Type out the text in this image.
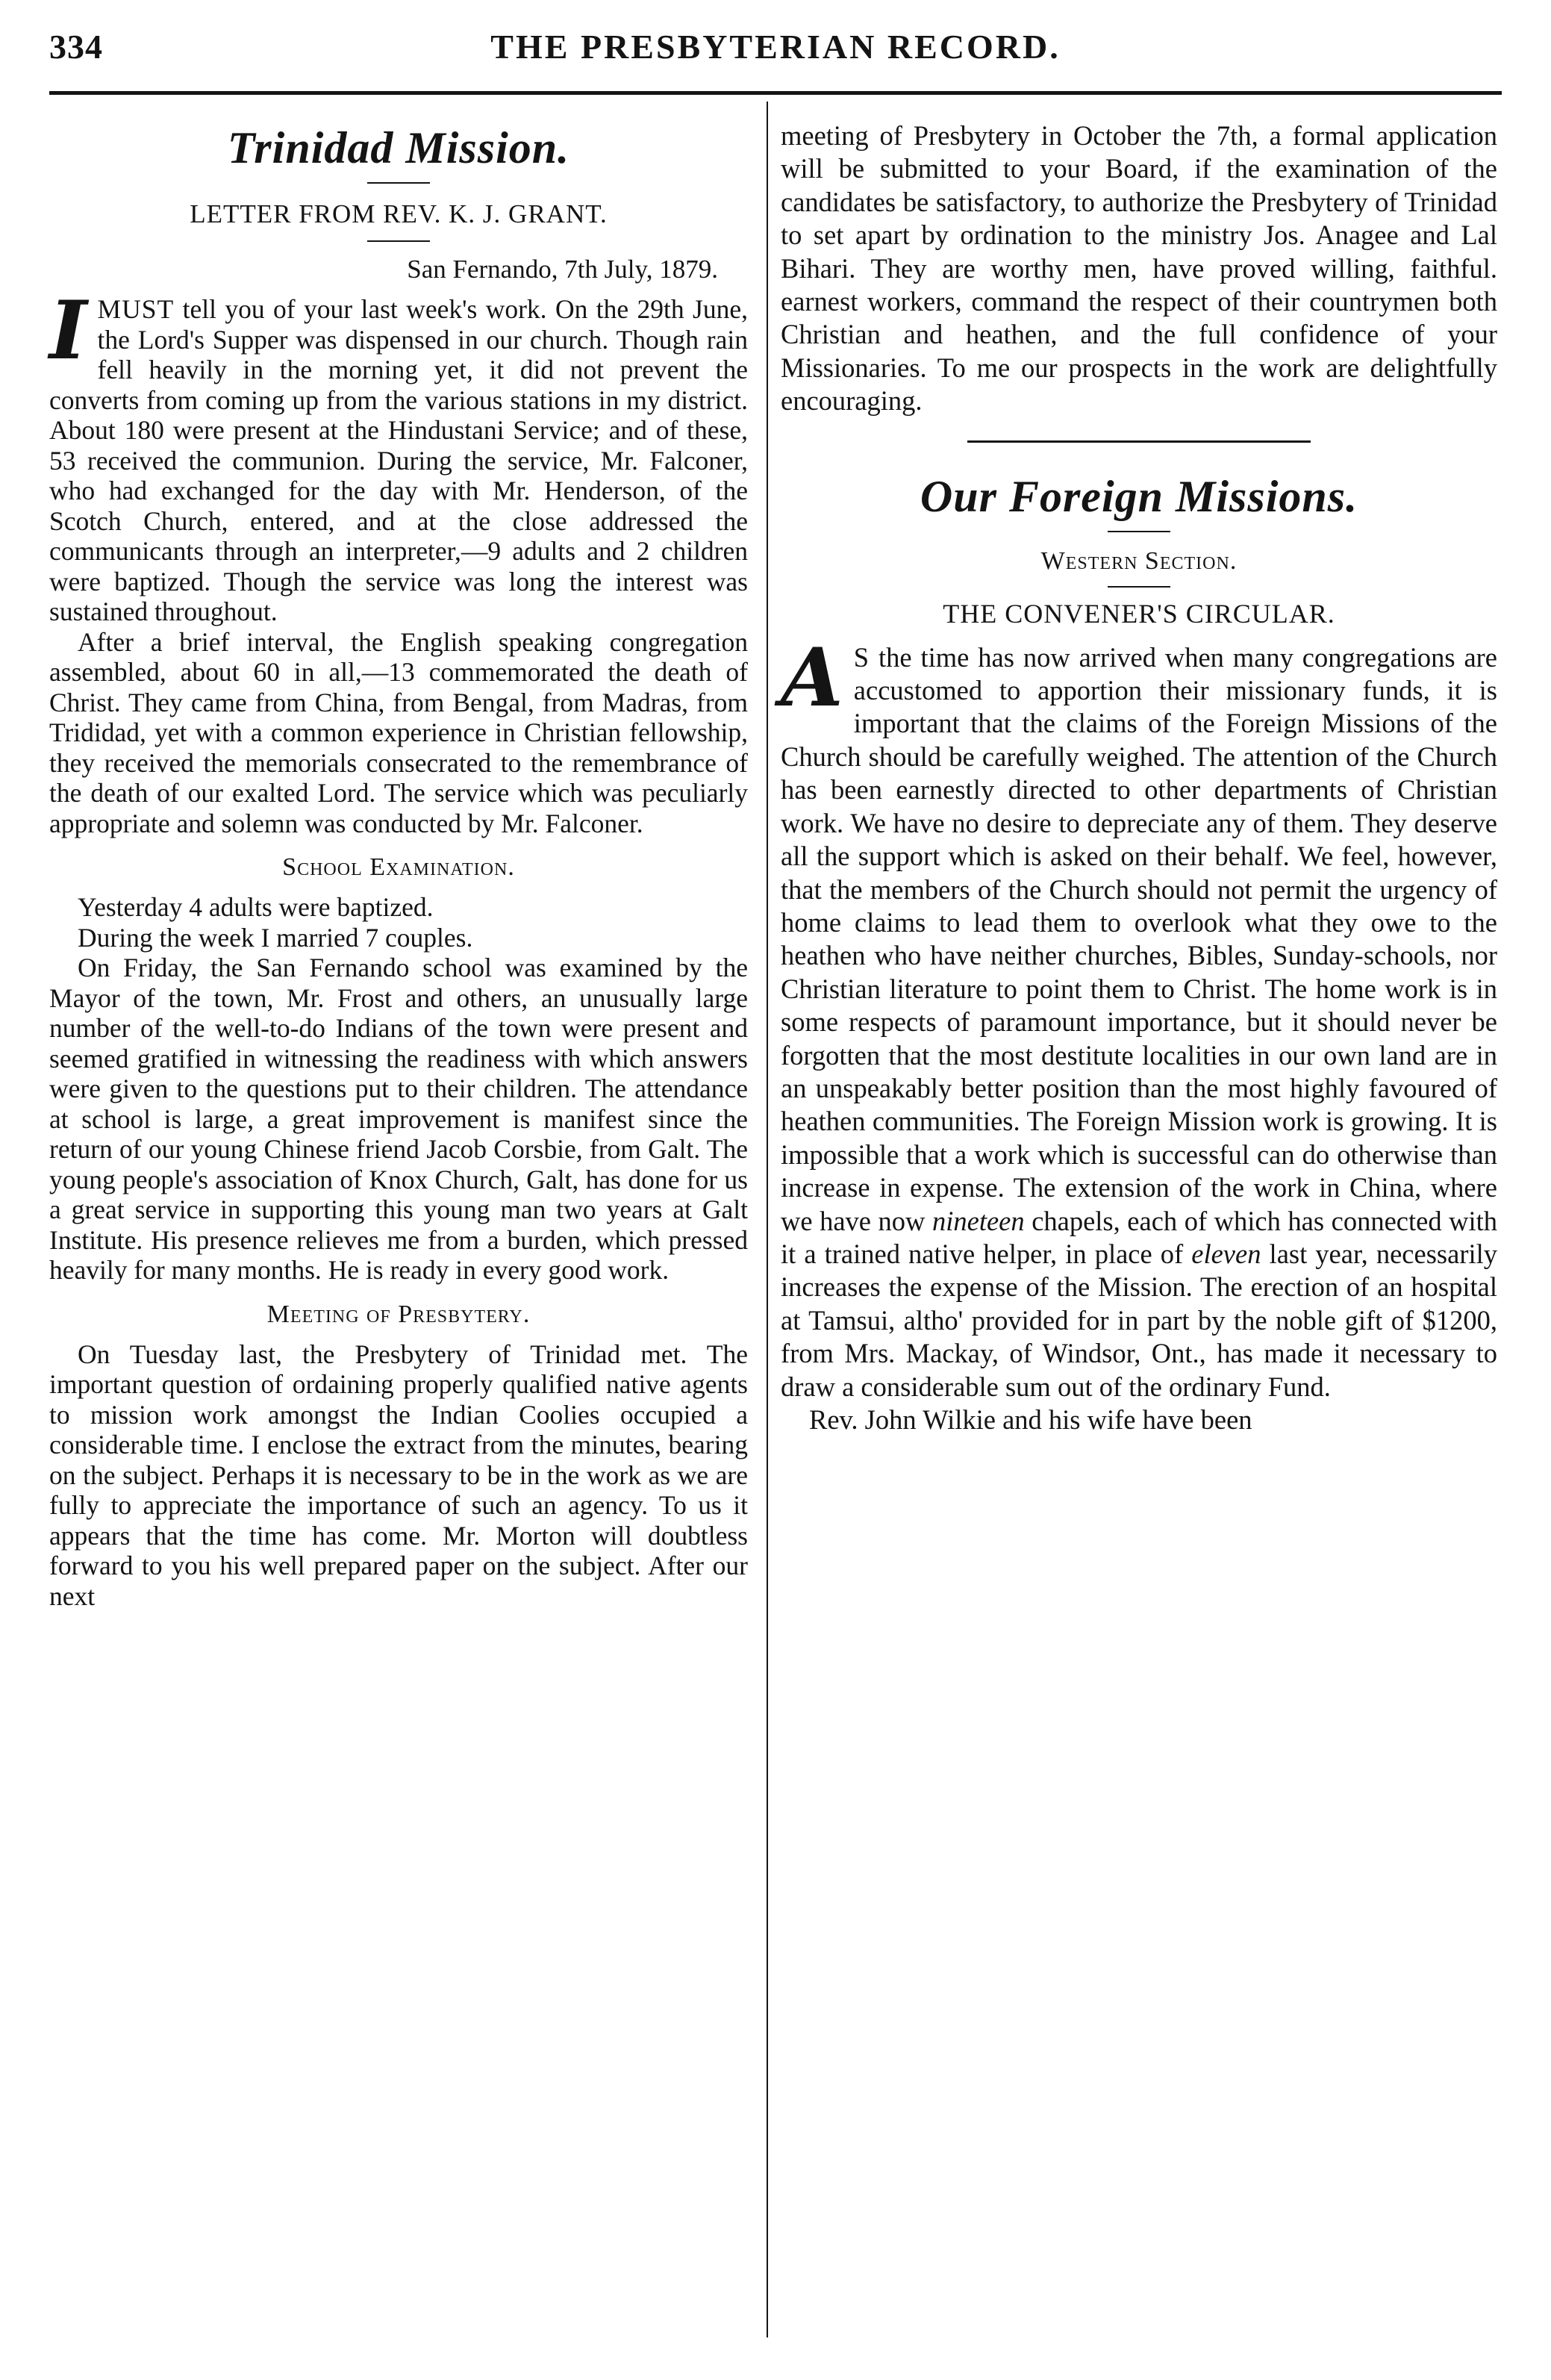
334	THE PRESBYTERIAN RECORD.
Trinidad Mission.
LETTER FROM REV. K. J. GRANT.
San Fernando, 7th July, 1879.

IMUST tell you of your last week's work. On the 29th June, the Lord's Supper was dispensed in our church. Though rain fell heavily in the morning yet, it did not prevent the converts from coming up from the various stations in my district. About 180 were present at the Hindustani Service; and of these, 53 received the communion. During the service, Mr. Falconer, who had exchanged for the day with Mr. Henderson, of the Scotch Church, entered, and at the close addressed the communicants through an interpreter,—9 adults and 2 children were baptized. Though the service was long the interest was sustained throughout.

After a brief interval, the English speaking congregation assembled, about 60 in all,—13 commemorated the death of Christ. They came from China, from Bengal, from Madras, from Trididad, yet with a common experience in Christian fellowship, they received the memorials consecrated to the remembrance of the death of our exalted Lord. The service which was peculiarly appropriate and solemn was conducted by Mr. Falconer.

School Examination.

Yesterday 4 adults were baptized.

During the week I married 7 couples.

On Friday, the San Fernando school was examined by the Mayor of the town, Mr. Frost and others, an unusually large number of the well-to-do Indians of the town were present and seemed gratified in witnessing the readiness with which answers were given to the questions put to their children. The attendance at school is large, a great improvement is manifest since the return of our young Chinese friend Jacob Corsbie, from Galt. The young people's association of Knox Church, Galt, has done for us a great service in supporting this young man two years at Galt Institute. His presence relieves me from a burden, which pressed heavily for many months. He is ready in every good work.

Meeting of Presbytery.

On Tuesday last, the Presbytery of Trinidad met. The important question of ordaining properly qualified native agents to mission work amongst the Indian Coolies occupied a considerable time. I enclose the extract from the minutes, bearing on the subject. Perhaps it is necessary to be in the work as we are fully to appreciate the importance of such an agency. To us it appears that the time has come. Mr. Morton will doubtless forward to you his well prepared paper on the subject. After our next

meeting of Presbytery in October the 7th, a formal application will be submitted to your Board, if the examination of the candidates be satisfactory, to authorize the Presbytery of Trinidad to set apart by ordination to the ministry Jos. Anagee and Lal Bihari. They are worthy men, have proved willing, faithful. earnest workers, command the respect of their countrymen both Christian and heathen, and the full confidence of your Missionaries. To me our prospects in the work are delightfully encouraging.

Our Foreign Missions.
Western Section.
THE CONVENER'S CIRCULAR.

A S the time has now arrived when many congregations are accustomed to apportion their missionary funds, it is important that the claims of the Foreign Missions of the Church should be carefully weighed. The attention of the Church has been earnestly directed to other departments of Christian work. We have no desire to depreciate any of them. They deserve all the support which is asked on their behalf. We feel, however, that the members of the Church should not permit the urgency of home claims to lead them to overlook what they owe to the heathen who have neither churches, Bibles, Sunday-schools, nor Christian literature to point them to Christ. The home work is in some respects of paramount importance, but it should never be forgotten that the most destitute localities in our own land are in an unspeakably better position than the most highly favoured of heathen communities. The Foreign Mission work is growing. It is impossible that a work which is successful can do otherwise than increase in expense. The extension of the work in China, where we have now nineteen chapels, each of which has connected with it a trained native helper, in place of eleven last year, necessarily increases the expense of the Mission. The erection of an hospital at Tamsui, altho' provided for in part by the noble gift of $1200, from Mrs. Mackay, of Windsor, Ont., has made it necessary to draw a considerable sum out of the ordinary Fund.

Rev. John Wilkie and his wife have been
